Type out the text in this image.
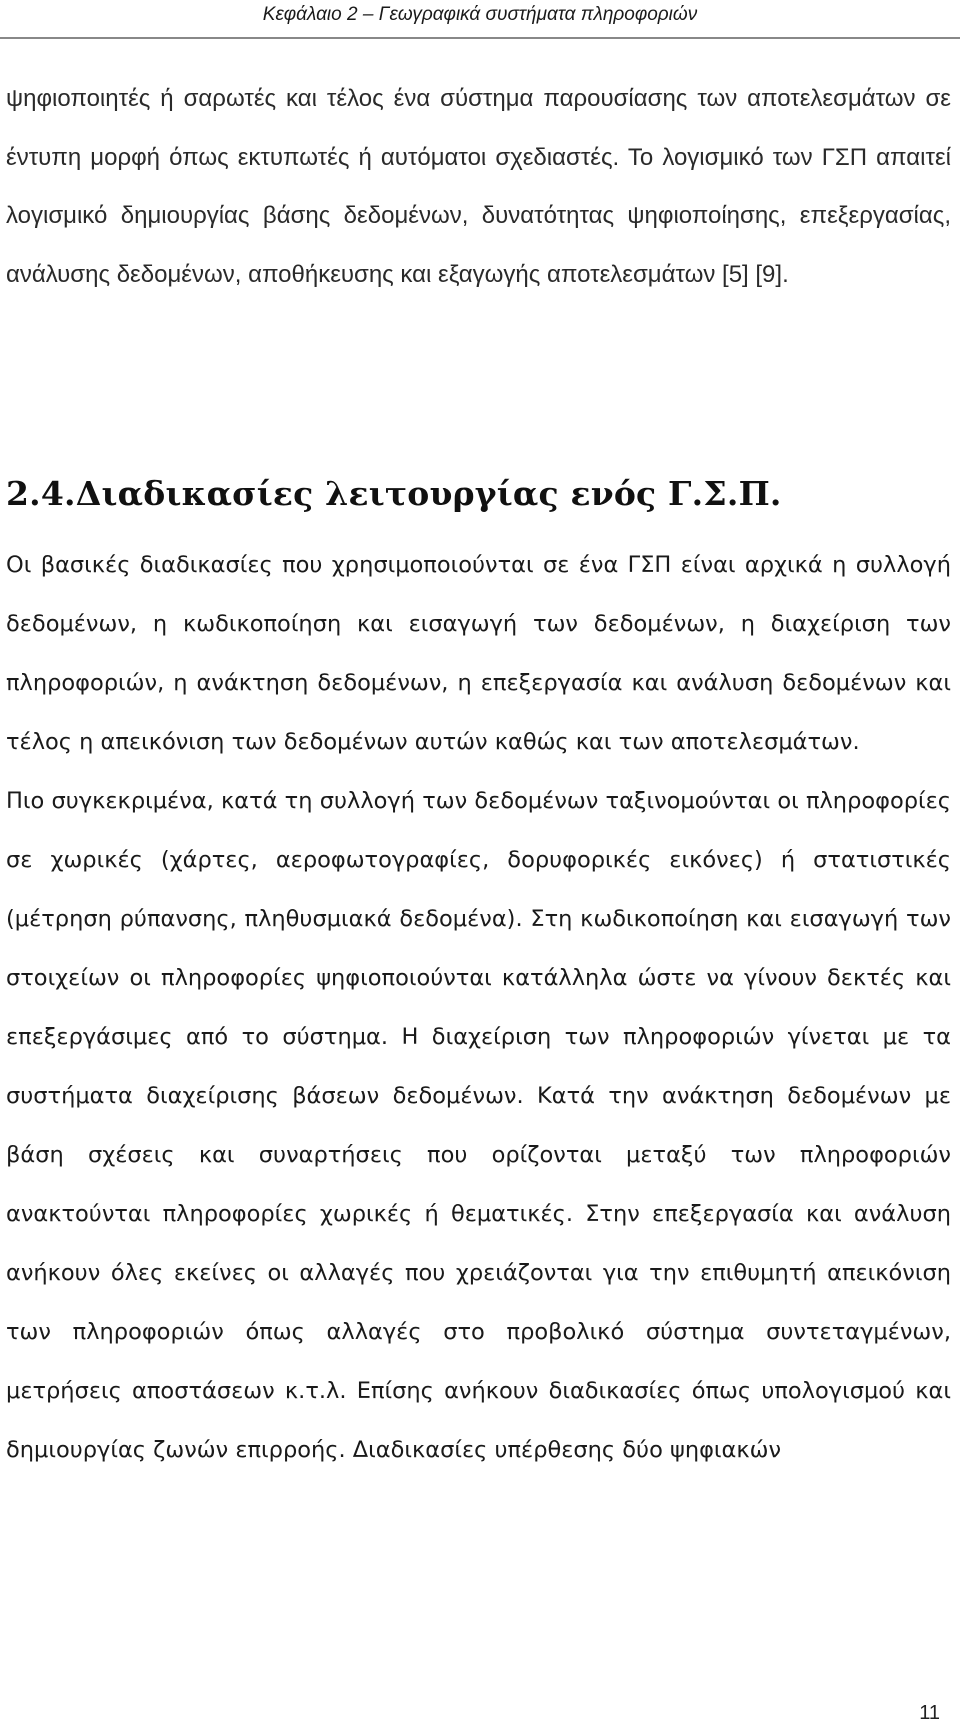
Κεφάλαιο 2 – Γεωγραφικά συστήματα πληροφοριών

ψηφιοποιητές ή σαρωτές και τέλος ένα σύστημα παρουσίασης των αποτελεσμάτων σε έντυπη μορφή όπως εκτυπωτές ή αυτόματοι σχεδιαστές. Το λογισμικό των ΓΣΠ απαιτεί λογισμικό δημιουργίας βάσης δεδομένων, δυνατότητας ψηφιοποίησης, επεξεργασίας, ανάλυσης δεδομένων, αποθήκευσης και εξαγωγής αποτελεσμάτων [5] [9].

2.4.Διαδικασίες λειτουργίας ενός Γ.Σ.Π.

Οι βασικές διαδικασίες που χρησιμοποιούνται σε ένα ΓΣΠ είναι αρχικά η συλλογή δεδομένων, η κωδικοποίηση και εισαγωγή των δεδομένων, η διαχείριση των πληροφοριών, η ανάκτηση δεδομένων, η επεξεργασία και ανάλυση δεδομένων και τέλος η απεικόνιση των δεδομένων αυτών καθώς και των αποτελεσμάτων.

Πιο συγκεκριμένα, κατά τη συλλογή των δεδομένων ταξινομούνται οι πληροφορίες σε χωρικές (χάρτες, αεροφωτογραφίες, δορυφορικές εικόνες) ή στατιστικές (μέτρηση ρύπανσης, πληθυσμιακά δεδομένα). Στη κωδικοποίηση και εισαγωγή των στοιχείων οι πληροφορίες ψηφιοποιούνται κατάλληλα ώστε να γίνουν δεκτές και επεξεργάσιμες από το σύστημα. Η διαχείριση των πληροφοριών γίνεται με τα συστήματα διαχείρισης βάσεων δεδομένων. Κατά την ανάκτηση δεδομένων με βάση σχέσεις και συναρτήσεις που ορίζονται μεταξύ των πληροφοριών ανακτούνται πληροφορίες χωρικές ή θεματικές. Στην επεξεργασία και ανάλυση ανήκουν όλες εκείνες οι αλλαγές που χρειάζονται για την επιθυμητή απεικόνιση των πληροφοριών όπως αλλαγές στο προβολικό σύστημα συντεταγμένων, μετρήσεις αποστάσεων κ.τ.λ. Επίσης ανήκουν διαδικασίες όπως υπολογισμού και δημιουργίας ζωνών επιρροής. Διαδικασίες υπέρθεσης δύο ψηφιακών

11
